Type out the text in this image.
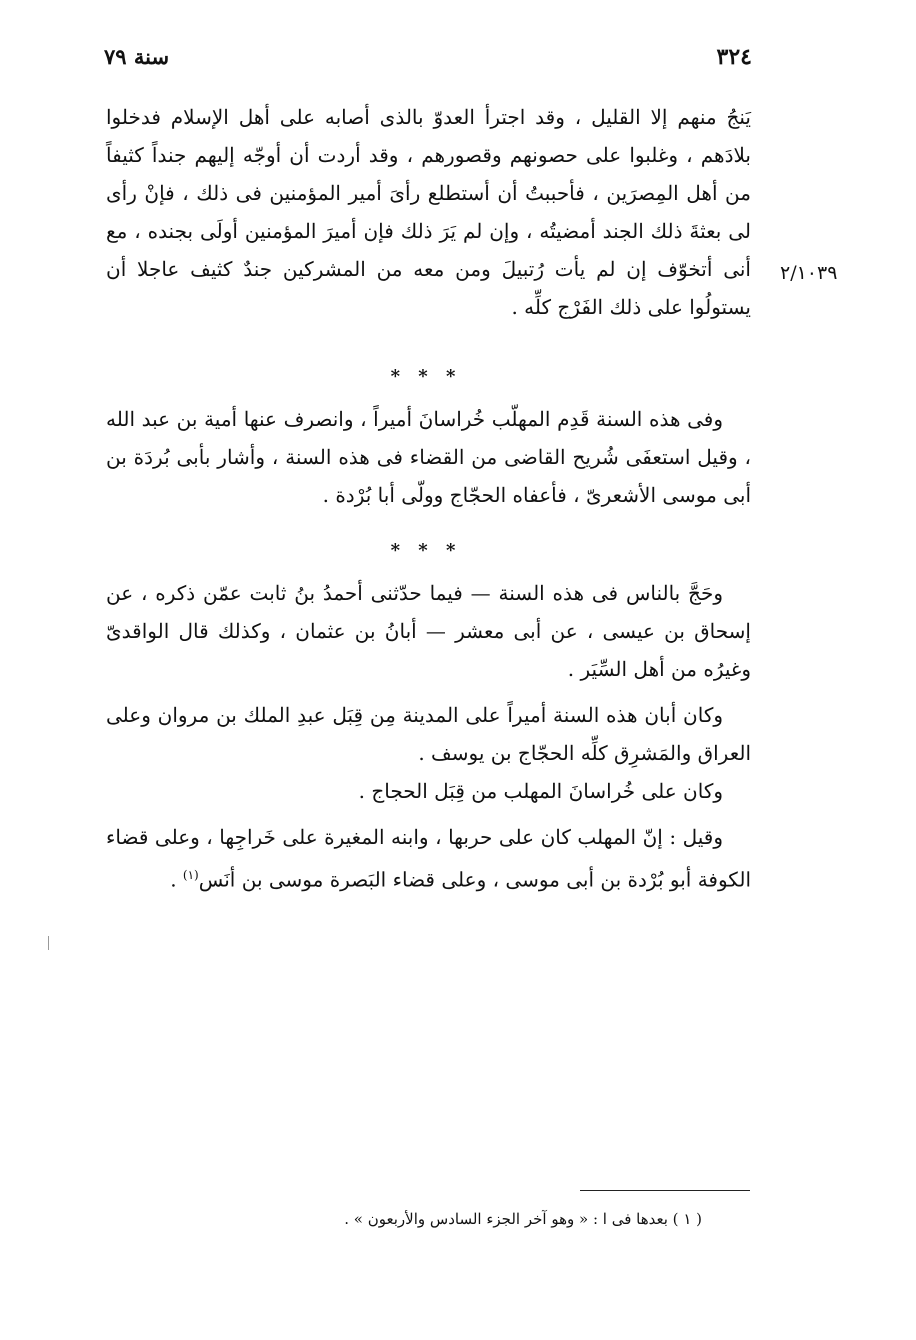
٣٢٤
سنة ٧٩
٢/١٠٣٩

يَنجُ منهم إلا القليل ، وقد اجترأ العدوّ بالذى أصابه على أهل الإسلام فدخلوا بلادَهم ، وغلبوا على حصونهم وقصورهم ، وقد أردت أن أوجّه إليهم جنداً كثيفاً من أهل المِصرَين ، فأحببتُ أن أستطلع رأىَ أمير المؤمنين فى ذلك ، فإنْ رأى لى بعثةَ ذلك الجند أمضيتُه ، وإن لم يَرَ ذلك فإن أميرَ المؤمنين أولَى بجنده ، مع أنى أتخوّف إن لم يأت رُتبيلَ ومن معه من المشركين جندٌ كثيف عاجلا أن يستولُوا على ذلك الفَرْج كلِّه .

* * *

وفى هذه السنة قَدِم المهلّب خُراسانَ أميراً ، وانصرف عنها أمية بن عبد الله ، وقيل استعفَى شُريح القاضى من القضاء فى هذه السنة ، وأشار بأبى بُردَة بن أبى موسى الأشعرىّ ، فأعفاه الحجّاج وولّى أبا بُرْدة .

* * *

وحَجَّ بالناس فى هذه السنة — فيما حدّثنى أحمدُ بنُ ثابت عمّن ذكره ، عن إسحاق بن عيسى ، عن أبى معشر — أبانُ بن عثمان ، وكذلك قال الواقدىّ وغيرُه من أهل السِّيَر .

وكان أبان هذه السنة أميراً على المدينة مِن قِبَل عبدِ الملك بن مروان وعلى العراق والمَشرِق كلِّه الحجّاج بن يوسف .

وكان على خُراسانَ المهلب من قِبَل الحجاج .

وقيل : إنّ المهلب كان على حربها ، وابنه المغيرة على خَراجِها ، وعلى قضاء الكوفة أبو بُرْدة بن أبى موسى ، وعلى قضاء البَصرة موسى بن أنَس$^{(١)}$ .

( ١ ) بعدها فى ا : « وهو آخر الجزء السادس والأربعون » .
